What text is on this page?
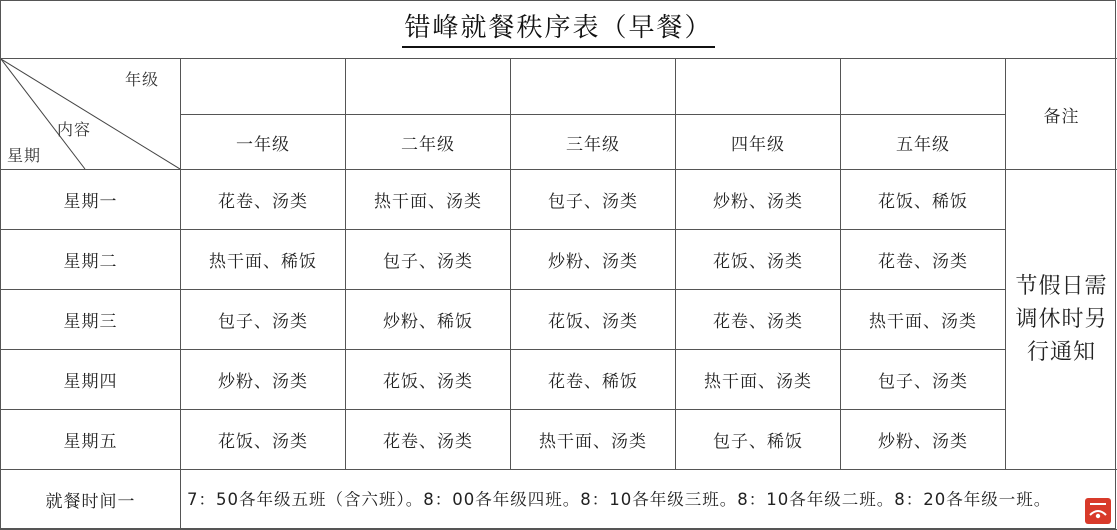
错峰就餐秩序表（早餐）
年级
内容
星期						备注
	一年级	二年级	三年级	四年级	五年级	
星期一	花卷、汤类	热干面、汤类	包子、汤类	炒粉、汤类	花饭、稀饭	节假日需调休时另行通知
星期二	热干面、稀饭	包子、汤类	炒粉、汤类	花饭、汤类	花卷、汤类	
星期三	包子、汤类	炒粉、稀饭	花饭、汤类	花卷、汤类	热干面、汤类	
星期四	炒粉、汤类	花饭、汤类	花卷、稀饭	热干面、汤类	包子、汤类	
星期五	花饭、汤类	花卷、汤类	热干面、汤类	包子、稀饭	炒粉、汤类	
就餐时间一	7：50各年级五班（含六班）。8：00各年级四班。8：10各年级三班。8：10各年级二班。8：20各年级一班。					
